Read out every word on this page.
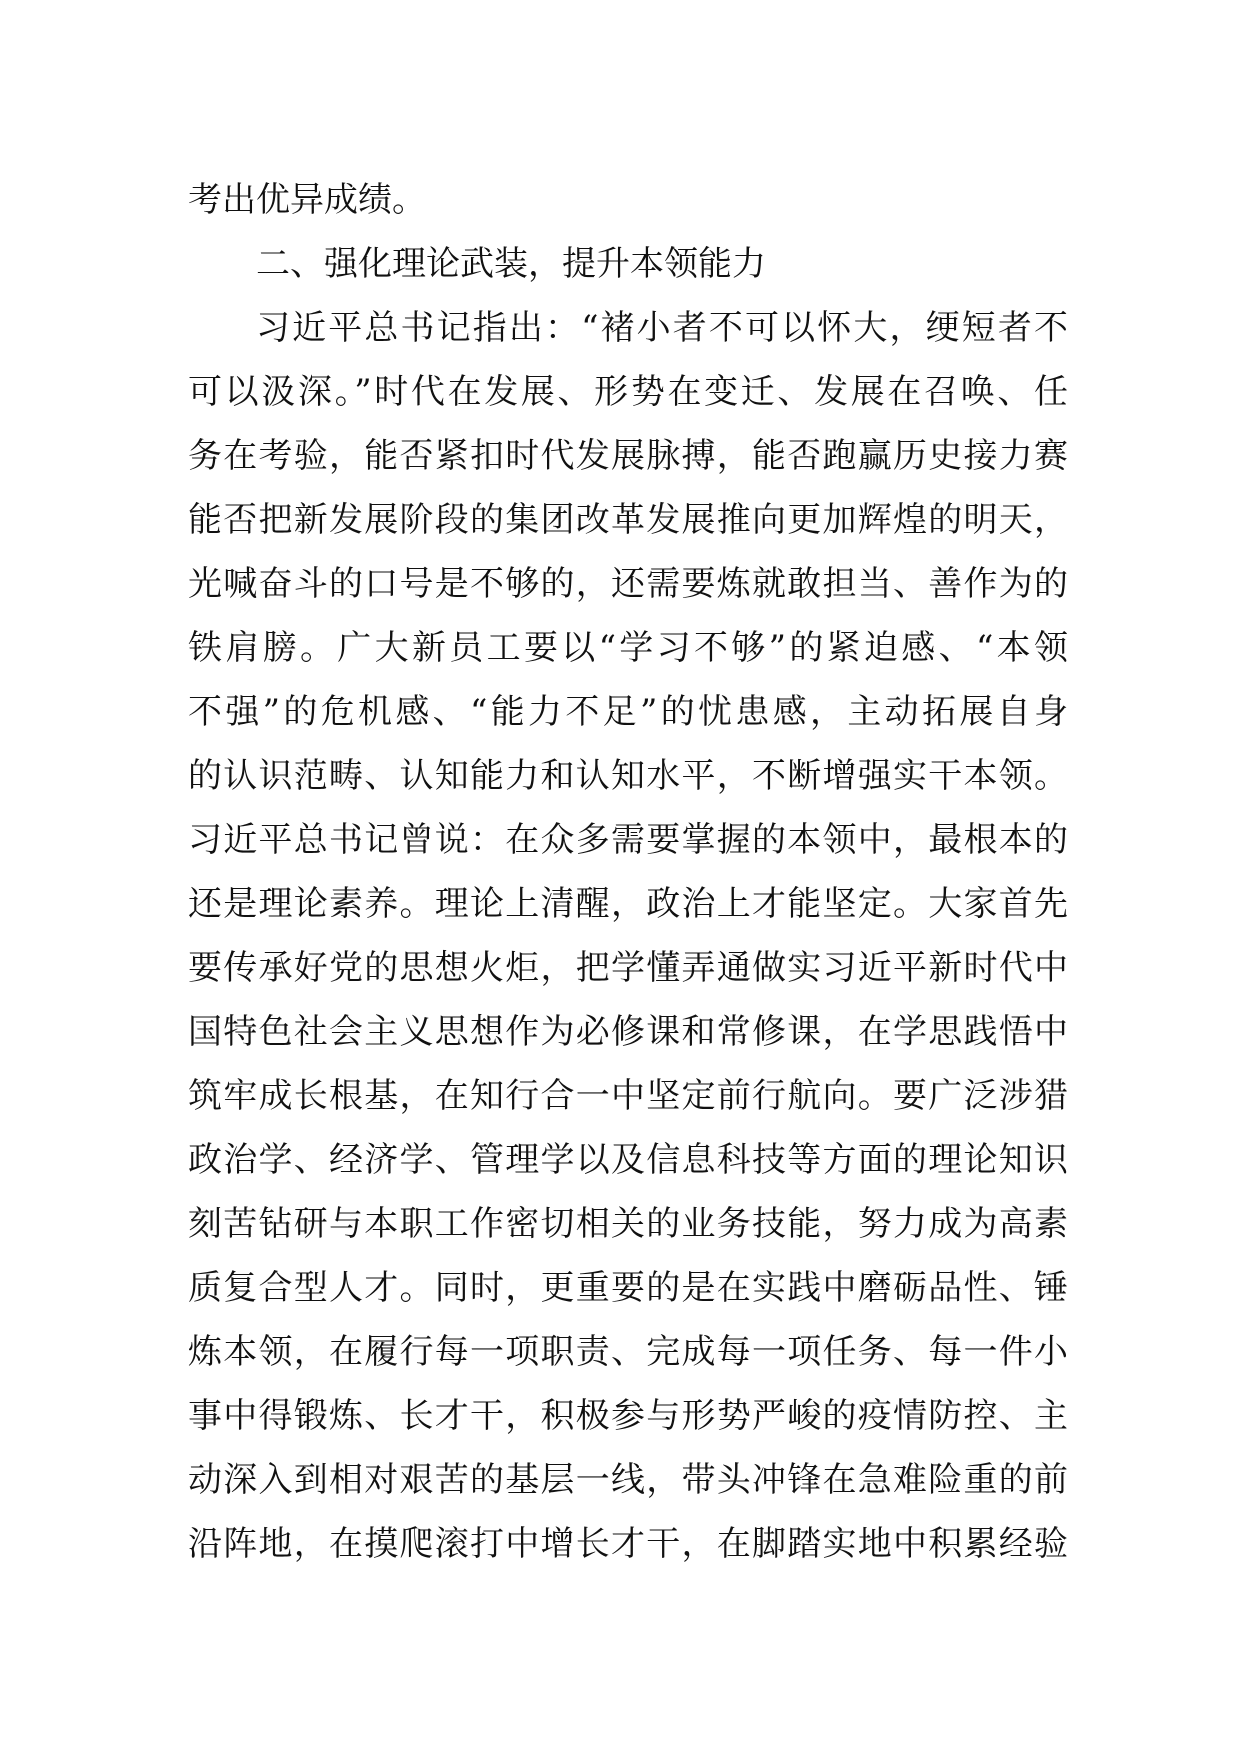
考出优异成绩。
二、强化理论武装，提升本领能力
习近平总书记指出：“褚小者不可以怀大，绠短者不
可以汲深。”时代在发展、形势在变迁、发展在召唤、任
务在考验，能否紧扣时代发展脉搏，能否跑赢历史接力赛
能否把新发展阶段的集团改革发展推向更加辉煌的明天，
光喊奋斗的口号是不够的，还需要炼就敢担当、善作为的
铁肩膀。广大新员工要以“学习不够”的紧迫感、“本领
不强”的危机感、“能力不足”的忧患感，主动拓展自身
的认识范畴、认知能力和认知水平，不断增强实干本领。
习近平总书记曾说：在众多需要掌握的本领中，最根本的
还是理论素养。理论上清醒，政治上才能坚定。大家首先
要传承好党的思想火炬，把学懂弄通做实习近平新时代中
国特色社会主义思想作为必修课和常修课，在学思践悟中
筑牢成长根基，在知行合一中坚定前行航向。要广泛涉猎
政治学、经济学、管理学以及信息科技等方面的理论知识
刻苦钻研与本职工作密切相关的业务技能，努力成为高素
质复合型人才。同时，更重要的是在实践中磨砺品性、锤
炼本领，在履行每一项职责、完成每一项任务、每一件小
事中得锻炼、长才干，积极参与形势严峻的疫情防控、主
动深入到相对艰苦的基层一线，带头冲锋在急难险重的前
沿阵地，在摸爬滚打中增长才干，在脚踏实地中积累经验
